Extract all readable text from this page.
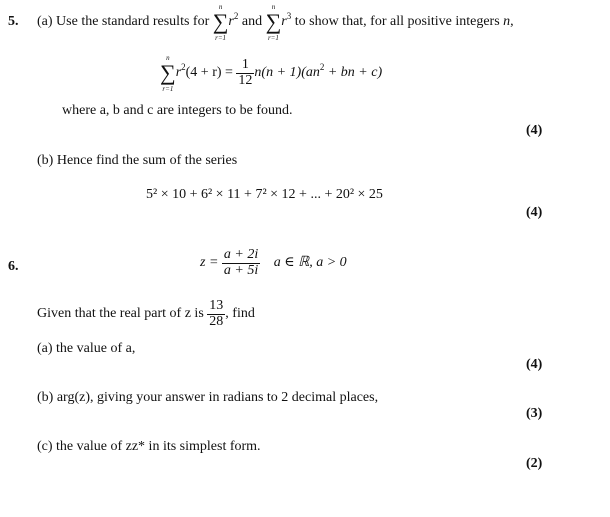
5. (a) Use the standard results for
n
∑
r=1
$r^2$ and
n
∑
r=1
$r^3$ to show that, for all positive integers n,
n
∑
r=1
$r^2(4 + r) = \frac{1}{12} n(n + 1)(an^2$ + bn + c)
where a, b and c are integers to be found.
(4)
(b) Hence find the sum of the series
5² × 10 + 6² × 11 + 7² × 12 + ... + 20² × 25
(4)
6.	$z = \frac{a + 2i}{a + 5i}$ a ∈ ℝ, a > 0
Given that the real part of z is $\frac{13}{28}$ , find
(a) the value of a,
(4)
(b) arg(z), giving your answer in radians to 2 decimal places,
(3)
(c) the value of zz* in its simplest form.
(2)
